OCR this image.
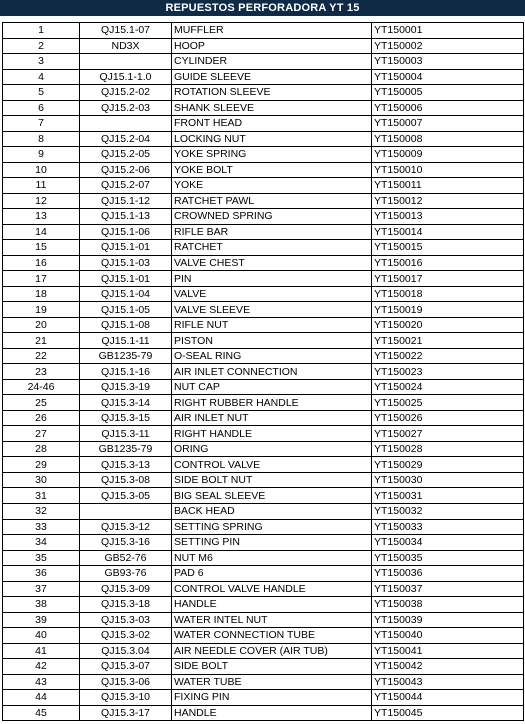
REPUESTOS PERFORADORA YT 15
1	QJ15.1-07	MUFFLER	YT150001
2	ND3X	HOOP	YT150002
3		CYLINDER	YT150003
4	QJ15.1-1.0	GUIDE SLEEVE	YT150004
5	QJ15.2-02	ROTATION SLEEVE	YT150005
6	QJ15.2-03	SHANK SLEEVE	YT150006
7		FRONT HEAD	YT150007
8	QJ15.2-04	LOCKING NUT	YT150008
9	QJ15.2-05	YOKE SPRING	YT150009
10	QJ15.2-06	YOKE BOLT	YT150010
11	QJ15.2-07	YOKE	YT150011
12	QJ15.1-12	RATCHET PAWL	YT150012
13	QJ15.1-13	CROWNED SPRING	YT150013
14	QJ15.1-06	RIFLE BAR	YT150014
15	QJ15.1-01	RATCHET	YT150015
16	QJ15.1-03	VALVE CHEST	YT150016
17	QJ15.1-01	PIN	YT150017
18	QJ15.1-04	VALVE	YT150018
19	QJ15.1-05	VALVE SLEEVE	YT150019
20	QJ15.1-08	RIFLE NUT	YT150020
21	QJ15.1-11	PISTON	YT150021
22	GB1235-79	O-SEAL RING	YT150022
23	QJ15.1-16	AIR INLET CONNECTION	YT150023
24-46	QJ15.3-19	NUT CAP	YT150024
25	QJ15.3-14	RIGHT RUBBER HANDLE	YT150025
26	QJ15.3-15	AIR INLET NUT	YT150026
27	QJ15.3-11	RIGHT HANDLE	YT150027
28	GB1235-79	ORING	YT150028
29	QJ15.3-13	CONTROL VALVE	YT150029
30	QJ15.3-08	SIDE BOLT NUT	YT150030
31	QJ15.3-05	BIG SEAL SLEEVE	YT150031
32		BACK HEAD	YT150032
33	QJ15.3-12	SETTING SPRING	YT150033
34	QJ15.3-16	SETTING PIN	YT150034
35	GB52-76	NUT M6	YT150035
36	GB93-76	PAD 6	YT150036
37	QJ15.3-09	CONTROL VALVE HANDLE	YT150037
38	QJ15.3-18	HANDLE	YT150038
39	QJ15.3-03	WATER INTEL NUT	YT150039
40	QJ15.3-02	WATER CONNECTION TUBE	YT150040
41	QJ15.3.04	AIR NEEDLE COVER (AIR TUB)	YT150041
42	QJ15.3-07	SIDE BOLT	YT150042
43	QJ15.3-06	WATER TUBE	YT150043
44	QJ15.3-10	FIXING PIN	YT150044
45	QJ15.3-17	HANDLE	YT150045
